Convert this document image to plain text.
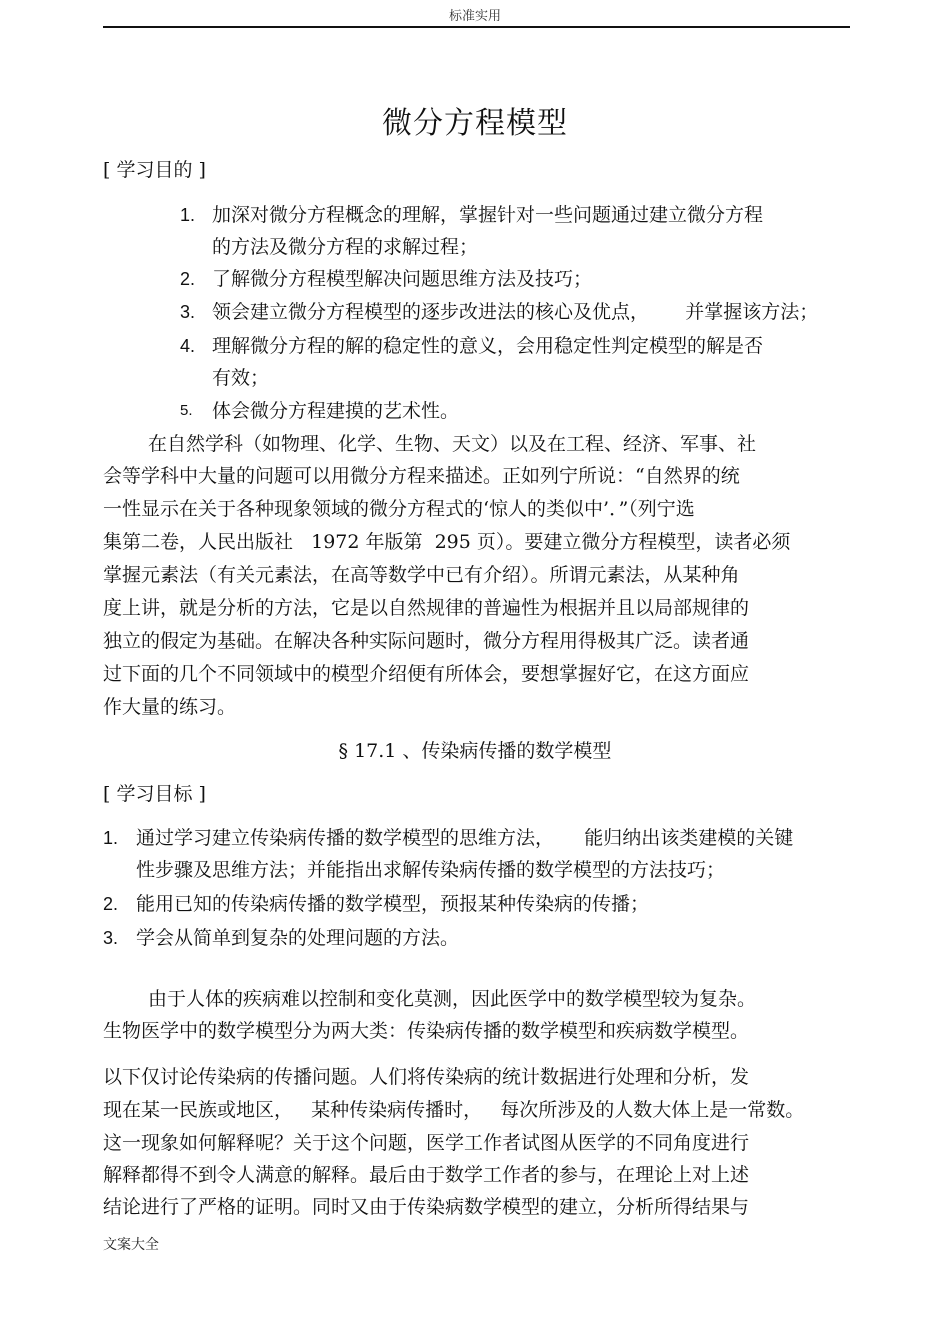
标准实用
微分方程模型
[ 学习目的 ]
1. 加深对微分方程概念的理解，掌握针对一些问题通过建立微分方程
的方法及微分方程的求解过程；
2. 了解微分方程模型解决问题思维方法及技巧；
3. 领会建立微分方程模型的逐步改进法的核心及优点，      并掌握该方法；
4. 理解微分方程的解的稳定性的意义，会用稳定性判定模型的解是否
有效；
5. 体会微分方程建摸的艺术性。
在自然学科（如物理、化学、生物、天文）以及在工程、经济、军事、社
会等学科中大量的问题可以用微分方程来描述。正如列宁所说：“自然界的统
一性显示在关于各种现象领域的微分方程式的‘惊人的类似中’．”（列宁选
集第二卷，人民出版社   1972 年版第  295 页）。要建立微分方程模型，读者必须
掌握元素法（有关元素法，在高等数学中已有介绍）。所谓元素法，从某种角
度上讲，就是分析的方法，它是以自然规律的普遍性为根据并且以局部规律的
独立的假定为基础。在解决各种实际问题时，微分方程用得极其广泛。读者通
过下面的几个不同领域中的模型介绍便有所体会，要想掌握好它，在这方面应
作大量的练习。
§ 17.1 、传染病传播的数学模型
[ 学习目标 ]
1. 通过学习建立传染病传播的数学模型的思维方法，     能归纳出该类建模的关键
性步骤及思维方法；并能指出求解传染病传播的数学模型的方法技巧；
2. 能用已知的传染病传播的数学模型，预报某种传染病的传播；
3. 学会从简单到复杂的处理问题的方法。
由于人体的疾病难以控制和变化莫测，因此医学中的数学模型较为复杂。
生物医学中的数学模型分为两大类：传染病传播的数学模型和疾病数学模型。
以下仅讨论传染病的传播问题。人们将传染病的统计数据进行处理和分析，发
现在某一民族或地区，   某种传染病传播时，   每次所涉及的人数大体上是一常数。
这一现象如何解释呢？关于这个问题，医学工作者试图从医学的不同角度进行
解释都得不到令人满意的解释。最后由于数学工作者的参与，在理论上对上述
结论进行了严格的证明。同时又由于传染病数学模型的建立，分析所得结果与
文案大全
